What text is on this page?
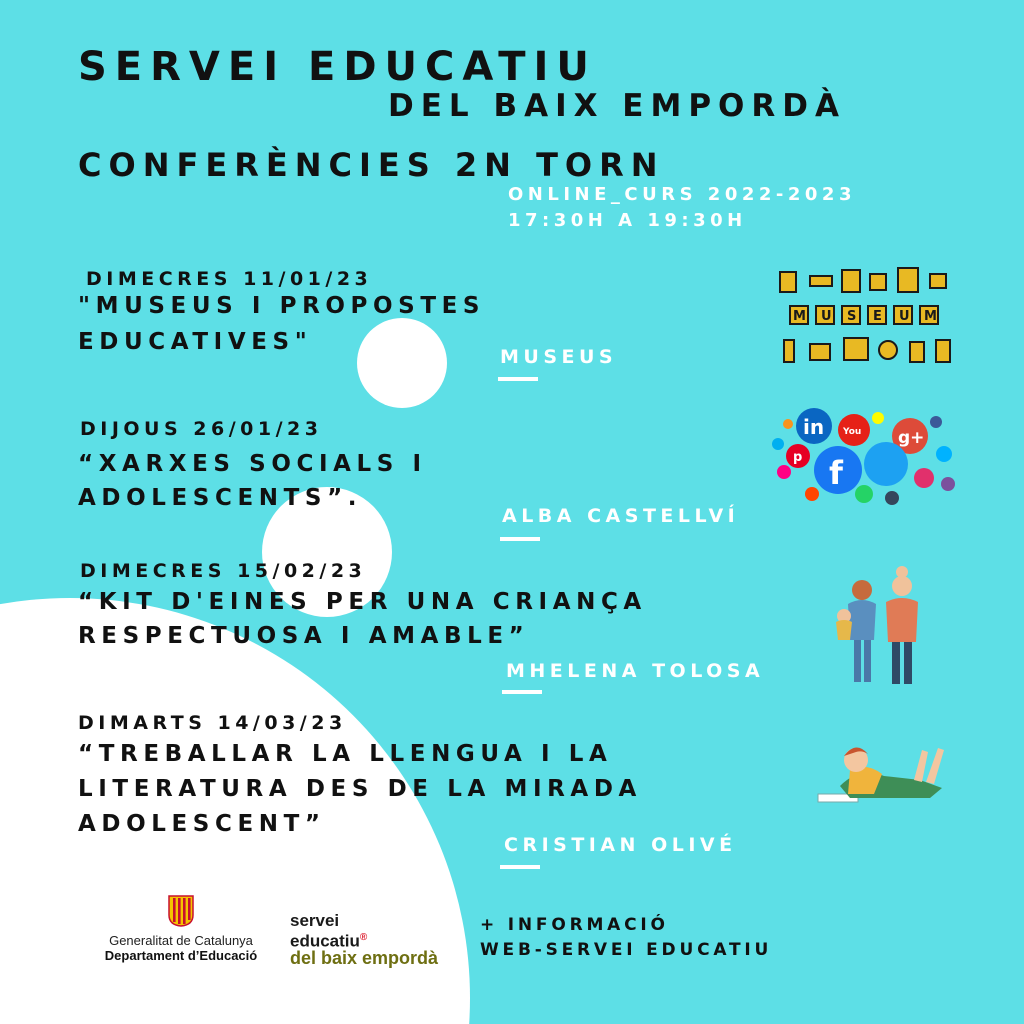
SERVEI EDUCATIU
DEL BAIX EMPORDÀ
CONFERÈNCIES 2N TORN
ONLINE_CURS 2022-2023
17:30H A 19:30H
DIMECRES 11/01/23
"MUSEUS I PROPOSTES
EDUCATIVES"
MUSEUS
M U S E U M
DIJOUS 26/01/23
“XARXES SOCIALS I
ADOLESCENTS”.
ALBA CASTELLVÍ
in You g+
p f
DIMECRES 15/02/23
“KIT D'EINES PER UNA CRIANÇA
RESPECTUOSA I AMABLE”
MHELENA TOLOSA
DIMARTS 14/03/23
“TREBALLAR LA LLENGUA I LA
LITERATURA DES DE LA MIRADA
ADOLESCENT”
CRISTIAN OLIVÉ
Generalitat de Catalunya
Departament d’Educació
servei
educatiu®
del baix empordà
+ INFORMACIÓ
WEB-SERVEI EDUCATIU
